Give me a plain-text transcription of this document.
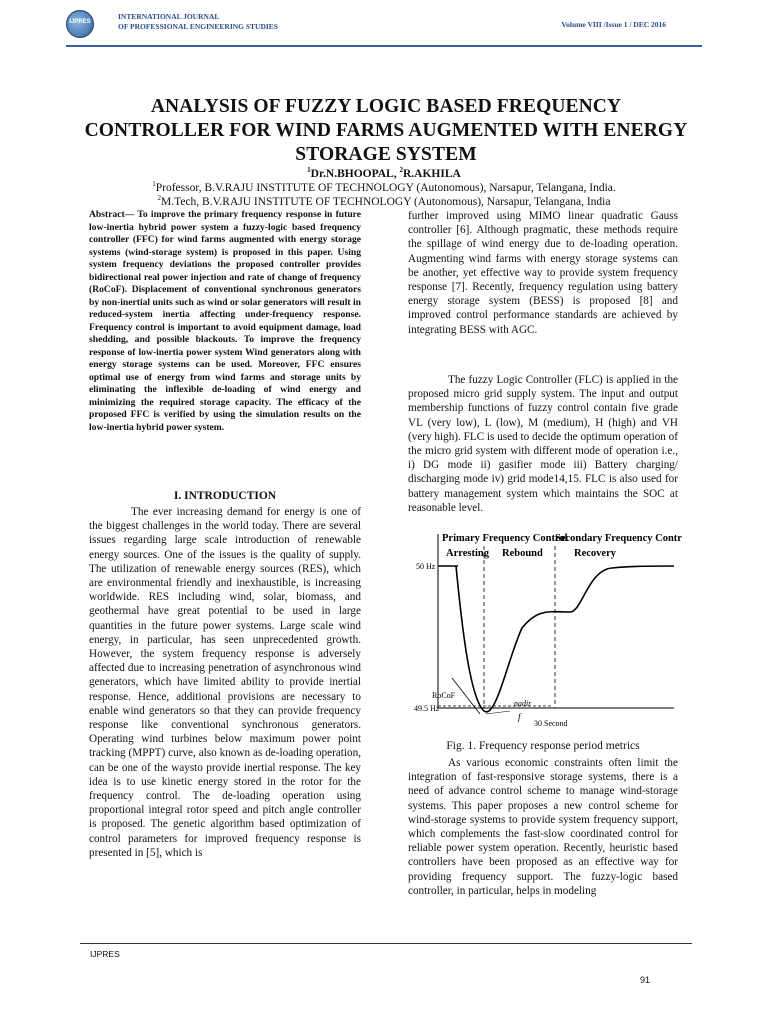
IJPRES
INTERNATIONAL JOURNAL
OF PROFESSIONAL ENGINEERING STUDIES	Volume VIII /Issue 1 / DEC 2016
ANALYSIS OF FUZZY LOGIC BASED FREQUENCY CONTROLLER FOR WIND FARMS AUGMENTED WITH ENERGY STORAGE SYSTEM
$^1$Dr.N.BHOOPAL, $^2$R.AKHILA
$^1$Professor, B.V.RAJU INSTITUTE OF TECHNOLOGY (Autonomous), Narsapur, Telangana, India.
$^2$M.Tech, B.V.RAJU INSTITUTE OF TECHNOLOGY (Autonomous), Narsapur, Telangana, India
Abstract— To improve the primary frequency response in future low-inertia hybrid power system a fuzzy-logic based frequency controller (FFC) for wind farms augmented with energy storage systems (wind-storage system) is proposed in this paper. Using system frequency deviations the proposed controller provides bidirectional real power injection and rate of change of frequency (RoCoF). Displacement of conventional synchronous generators by non-inertial units such as wind or solar generators will result in reduced-system inertia affecting under-frequency response. Frequency control is important to avoid equipment damage, load shedding, and possible blackouts. To improve the frequency response of low-inertia power system Wind generators along with energy storage systems can be used. Moreover, FFC ensures optimal use of energy from wind farms and storage units by eliminating the inflexible de-loading of wind energy and minimizing the required storage capacity. The efficacy of the proposed FFC is verified by using the simulation results on the low-inertia hybrid power system.
I. INTRODUCTION
The ever increasing demand for energy is one of the biggest challenges in the world today. There are several issues regarding large scale introduction of renewable energy sources. One of the issues is the quality of supply. The utilization of renewable energy sources (RES), which are environmental friendly and inexhaustible, is increasing worldwide. RES including wind, solar, biomass, and geothermal have great potential to be used in large quantities in the future power systems. Large scale wind energy, in particular, has seen unprecedented growth. However, the system frequency response is adversely affected due to increasing penetration of asynchronous wind generators, which have limited ability to provide inertial response. Hence, additional provisions are necessary to enable wind generators so that they can provide frequency response like conventional synchronous generators. Operating wind turbines below maximum power point tracking (MPPT) curve, also known as de-loading operation, can be one of the waysto provide inertial response. The key idea is to use kinetic energy stored in the rotor for the frequency control. The de-loading operation using proportional integral rotor speed and pitch angle controller is proposed. The genetic algorithm based optimization of control parameters for improved frequency response is presented in [5], which is
further improved using MIMO linear quadratic Gauss controller [6]. Although pragmatic, these methods require the spillage of wind energy due to de-loading operation. Augmenting wind farms with energy storage systems can be another, yet effective way to provide system frequency response [7]. Recently, frequency regulation using battery energy storage system (BESS) is proposed [8] and improved control performance standards are achieved by integrating BESS with AGC.
The fuzzy Logic Controller (FLC) is applied in the proposed micro grid supply system. The input and output membership functions of fuzzy control contain five grade VL (very low), L (low), M (medium), H (high) and VH (very high). FLC is used to decide the optimum operation of the micro grid system with different mode of operation i.e., i) DG mode ii) gasifier mode iii) Battery charging/ discharging mode iv) grid mode14,15. FLC is also used for battery management system which maintains the SOC at reasonable level.
Primary Frequency Control
Secondary Frequency Control
Arresting Rebound	Recovery
50 Hz
49.5 Hz
RoCoF
nadir
f
30 Second
Fig. 1. Frequency response period metrics
As various economic constraints often limit the integration of fast-responsive storage systems, there is a need of advance control scheme to manage wind-storage systems. This paper proposes a new control scheme for wind-storage systems to provide system frequency support, which complements the fast-slow coordinated control for reliable power system operation. Recently, heuristic based controllers have been proposed as an effective way for providing frequency support. The fuzzy-logic based controller, in particular, helps in modeling
IJPRES
91
